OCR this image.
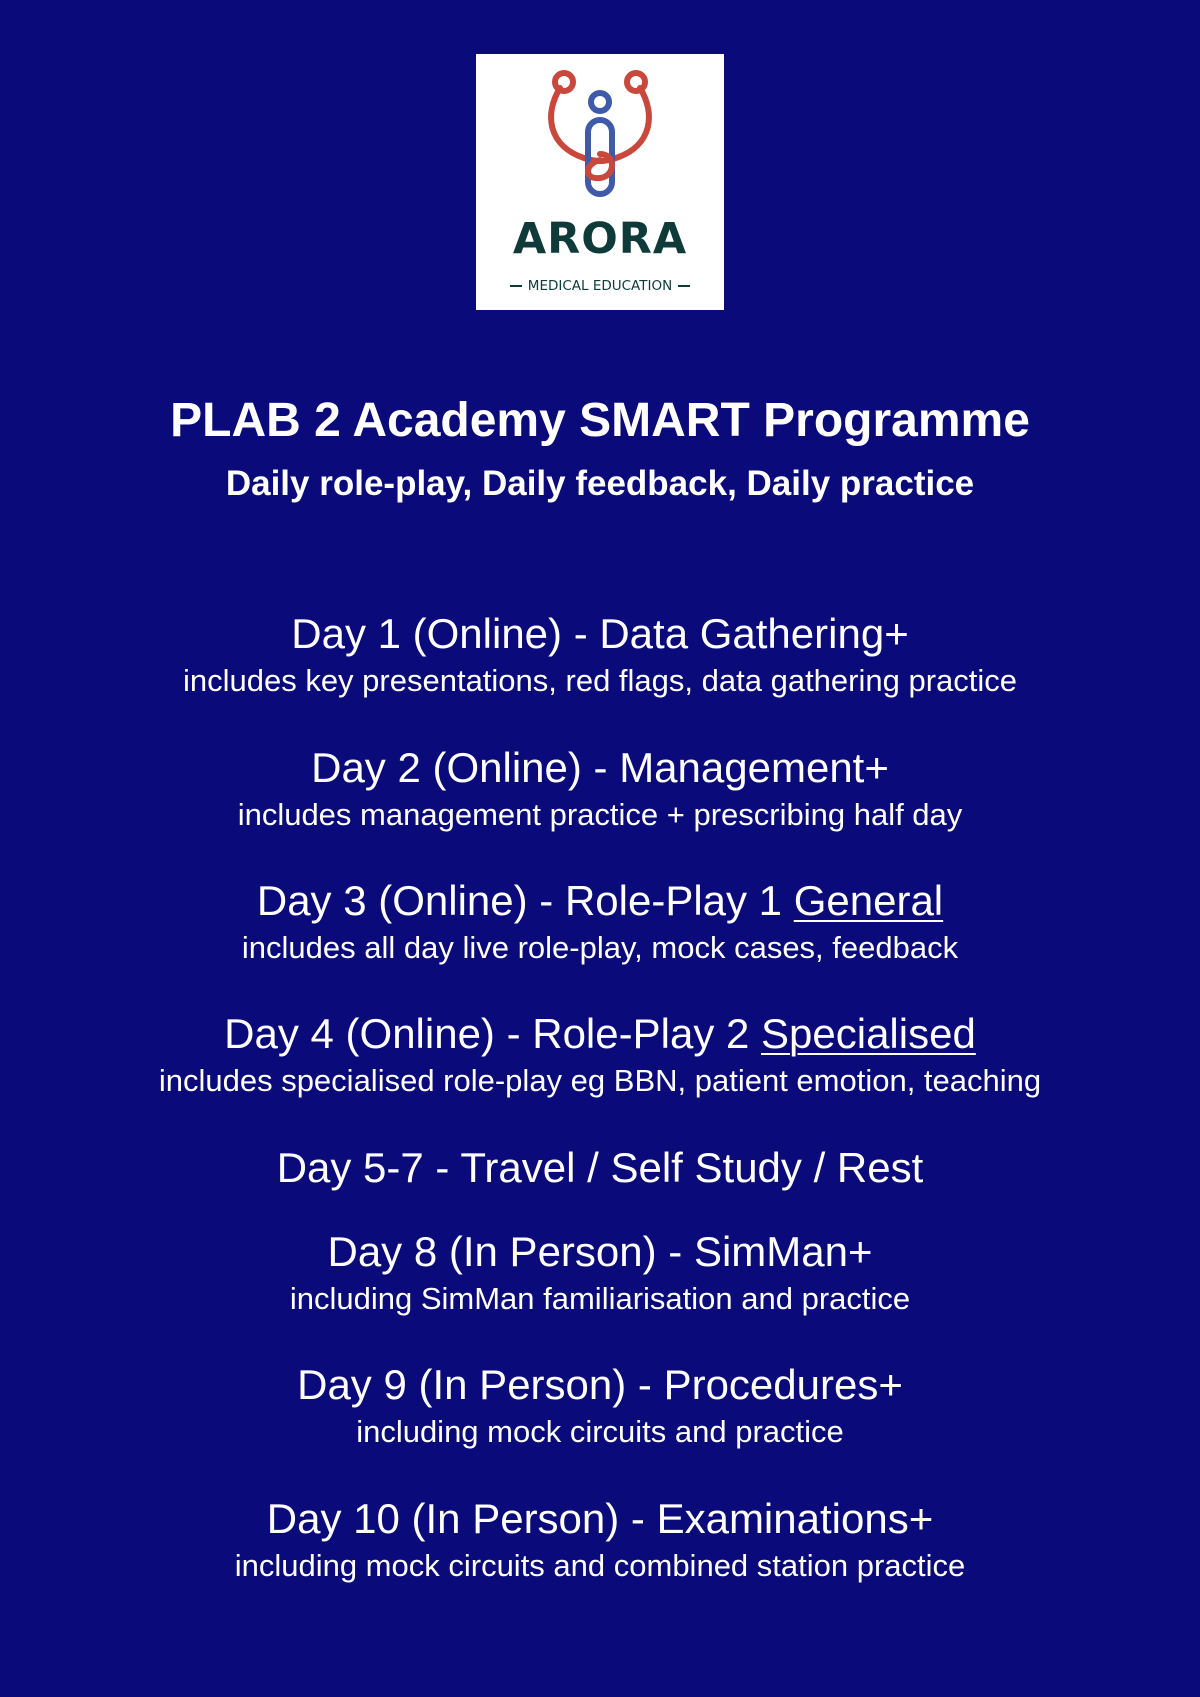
ARORA
MEDICAL EDUCATION
PLAB 2 Academy SMART Programme
Daily role-play, Daily feedback, Daily practice

Day 1 (Online) - Data Gathering+

includes key presentations, red flags, data gathering practice

Day 2 (Online) - Management+

includes management practice + prescribing half day

Day 3 (Online) - Role-Play 1 General

includes all day live role-play, mock cases, feedback

Day 4 (Online) - Role-Play 2 Specialised

includes specialised role-play eg BBN, patient emotion, teaching

Day 5-7 - Travel / Self Study / Rest

Day 8 (In Person) - SimMan+

including SimMan familiarisation and practice

Day 9 (In Person) - Procedures+

including mock circuits and practice

Day 10 (In Person) - Examinations+

including mock circuits and combined station practice
